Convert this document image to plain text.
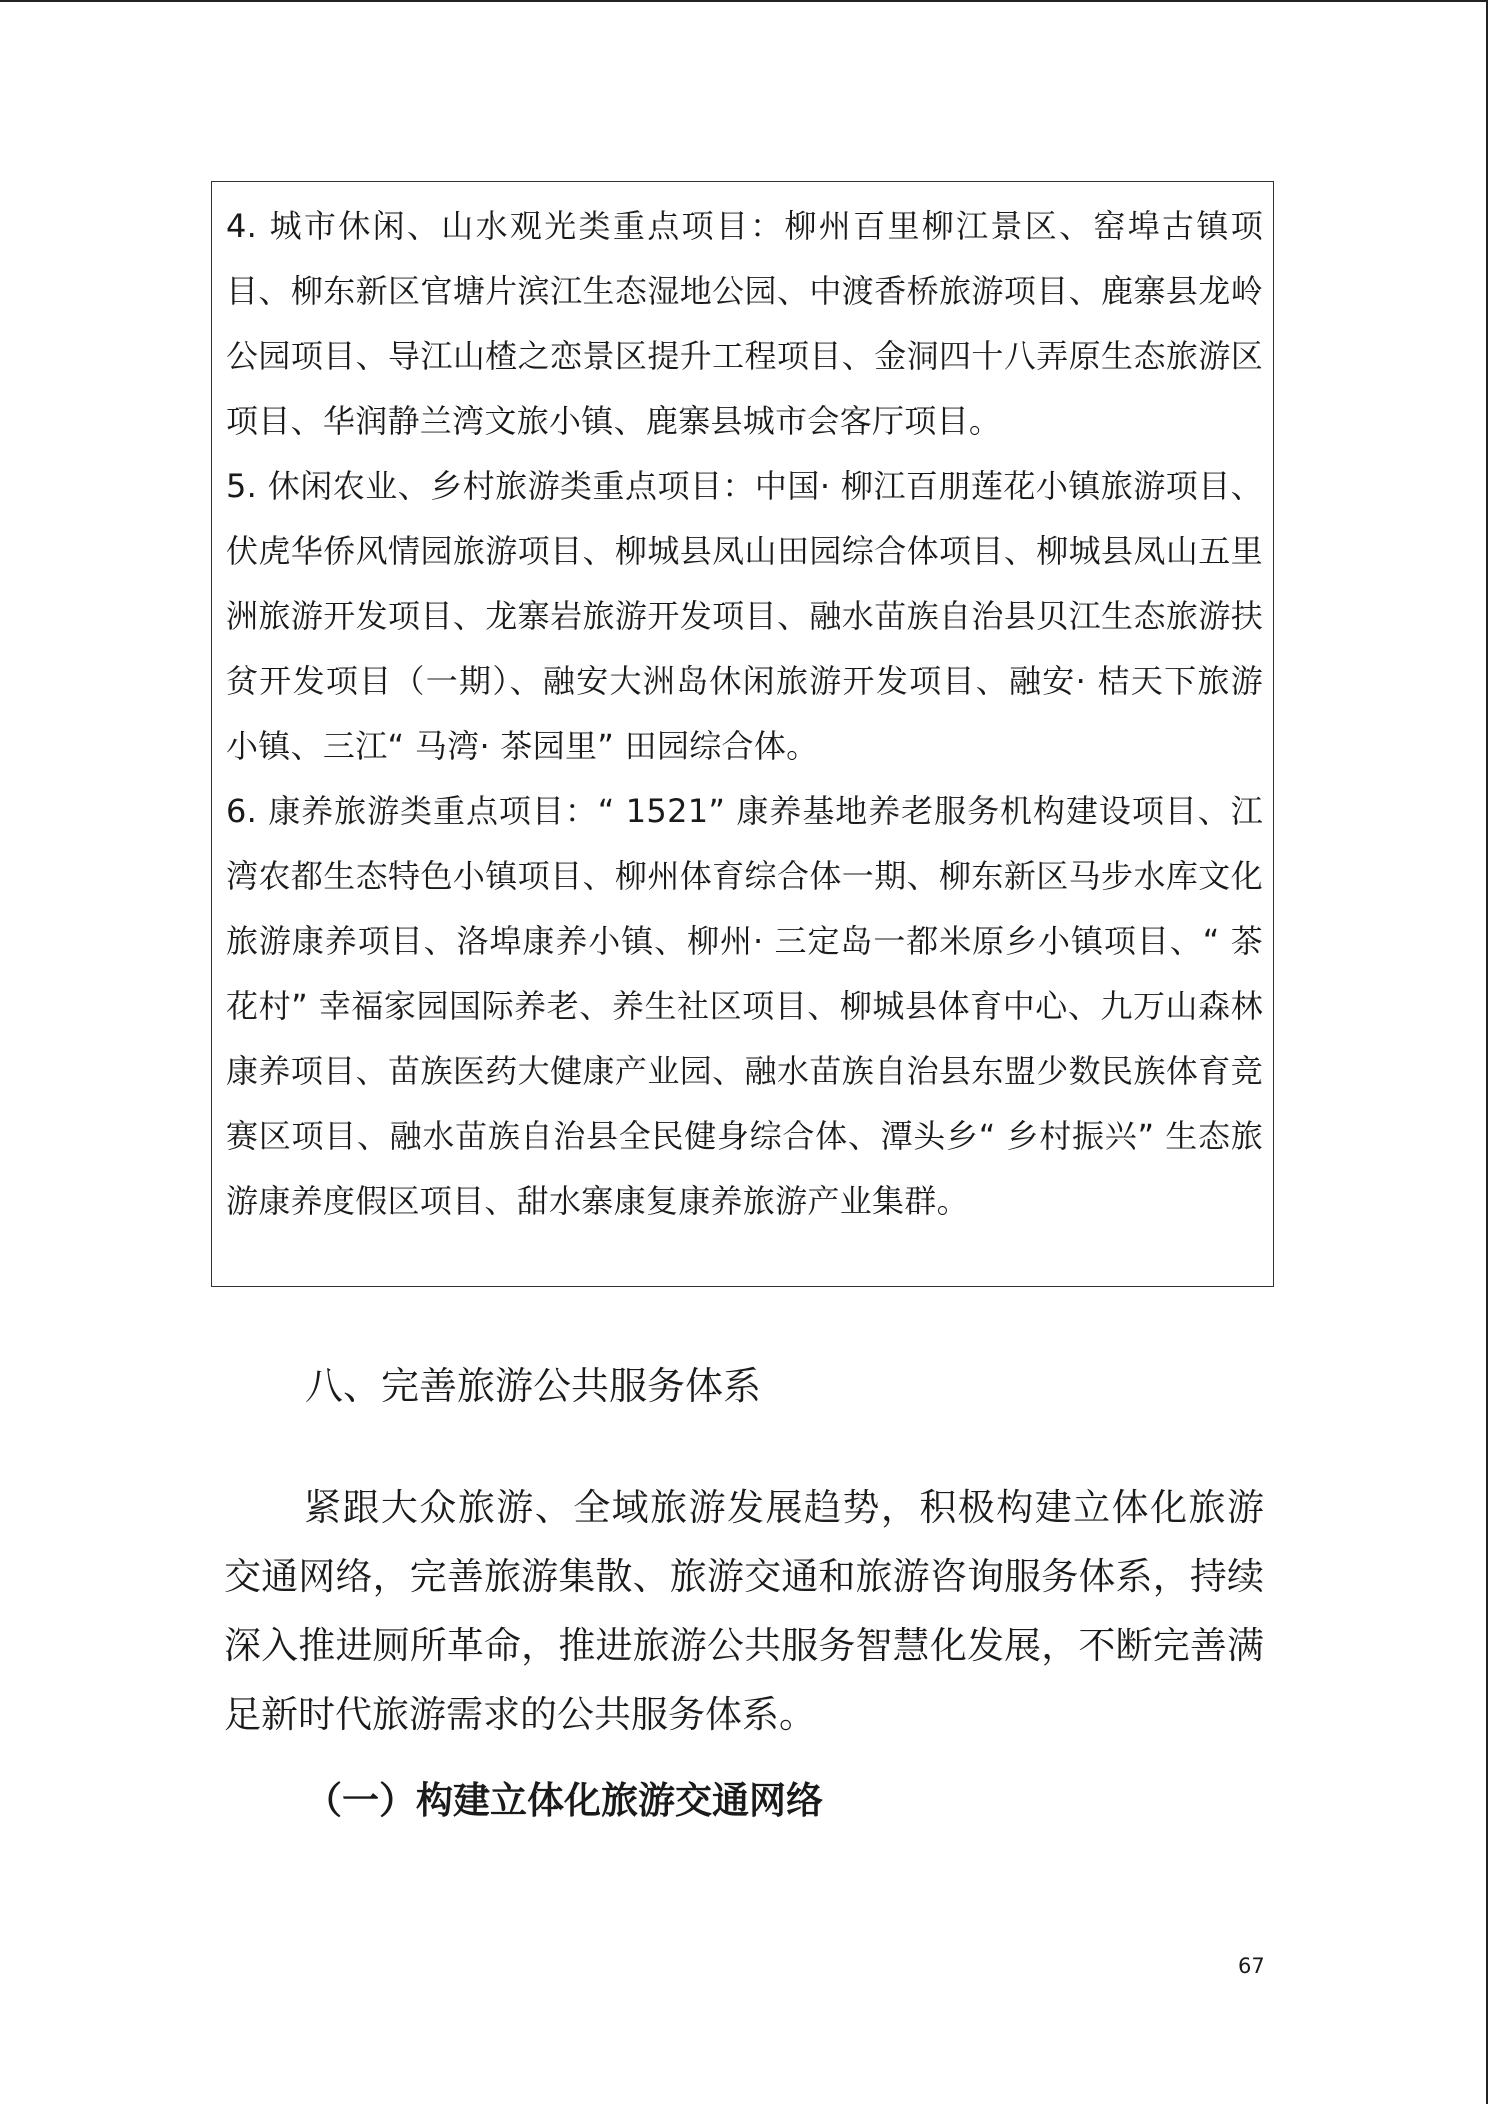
4. 城市休闲、山水观光类重点项目：柳州百里柳江景区、窑埠古镇项目、柳东新区官塘片滨江生态湿地公园、中渡香桥旅游项目、鹿寨县龙岭公园项目、导江山楂之恋景区提升工程项目、金洞四十八弄原生态旅游区项目、华润静兰湾文旅小镇、鹿寨县城市会客厅项目。

5. 休闲农业、乡村旅游类重点项目：中国· 柳江百朋莲花小镇旅游项目、伏虎华侨风情园旅游项目、柳城县凤山田园综合体项目、柳城县凤山五里洲旅游开发项目、龙寨岩旅游开发项目、融水苗族自治县贝江生态旅游扶贫开发项目（一期）、融安大洲岛休闲旅游开发项目、融安· 桔天下旅游小镇、三江“ 马湾· 茶园里” 田园综合体。

6. 康养旅游类重点项目：“ 1521” 康养基地养老服务机构建设项目、江湾农都生态特色小镇项目、柳州体育综合体一期、柳东新区马步水库文化旅游康养项目、洛埠康养小镇、柳州· 三定岛一都米原乡小镇项目、“ 茶花村” 幸福家园国际养老、养生社区项目、柳城县体育中心、九万山森林康养项目、苗族医药大健康产业园、融水苗族自治县东盟少数民族体育竞赛区项目、融水苗族自治县全民健身综合体、潭头乡“ 乡村振兴” 生态旅游康养度假区项目、甜水寨康复康养旅游产业集群。

八、完善旅游公共服务体系

紧跟大众旅游、全域旅游发展趋势，积极构建立体化旅游交通网络，完善旅游集散、旅游交通和旅游咨询服务体系，持续深入推进厕所革命，推进旅游公共服务智慧化发展，不断完善满足新时代旅游需求的公共服务体系。

（一）构建立体化旅游交通网络
67
